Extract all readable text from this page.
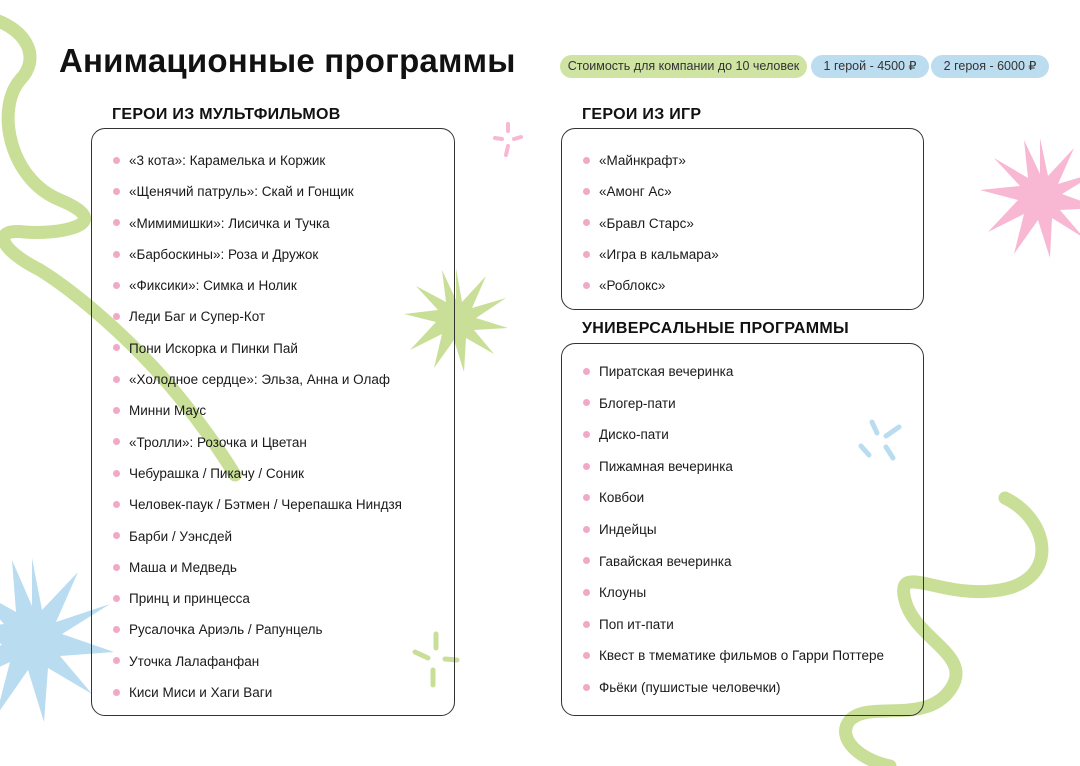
Анимационные программы	Стоимость для компании до 10 человек	1 герой - 4500 ₽	2 героя - 6000 ₽
ГЕРОИ ИЗ МУЛЬТФИЛЬМОВ
«3 кота»: Карамелька и Коржик
«Щенячий патруль»: Скай и Гонщик
«Мимимишки»: Лисичка и Тучка
«Барбоскины»: Роза и Дружок
«Фиксики»: Симка и Нолик
Леди Баг и Супер-Кот
Пони Искорка и Пинки Пай
«Холодное сердце»: Эльза, Анна и Олаф
Минни Маус
«Тролли»: Розочка и Цветан
Чебурашка / Пикачу / Соник
Человек-паук / Бэтмен / Черепашка Ниндзя
Барби / Уэнсдей
Маша и Медведь
Принц и принцесса
Русалочка Ариэль / Рапунцель
Уточка Лалафанфан
Киси Миси и Хаги Ваги
ГЕРОИ ИЗ ИГР
«Майнкрафт»
«Амонг Ас»
«Бравл Старс»
«Игра в кальмара»
«Роблокс»
УНИВЕРСАЛЬНЫЕ ПРОГРАММЫ
Пиратская вечеринка
Блогер-пати
Диско-пати
Пижамная вечеринка
Ковбои
Индейцы
Гавайская вечеринка
Клоуны
Поп ит-пати
Квест в тмематике фильмов о Гарри Поттере
Фьёки (пушистые человечки)
